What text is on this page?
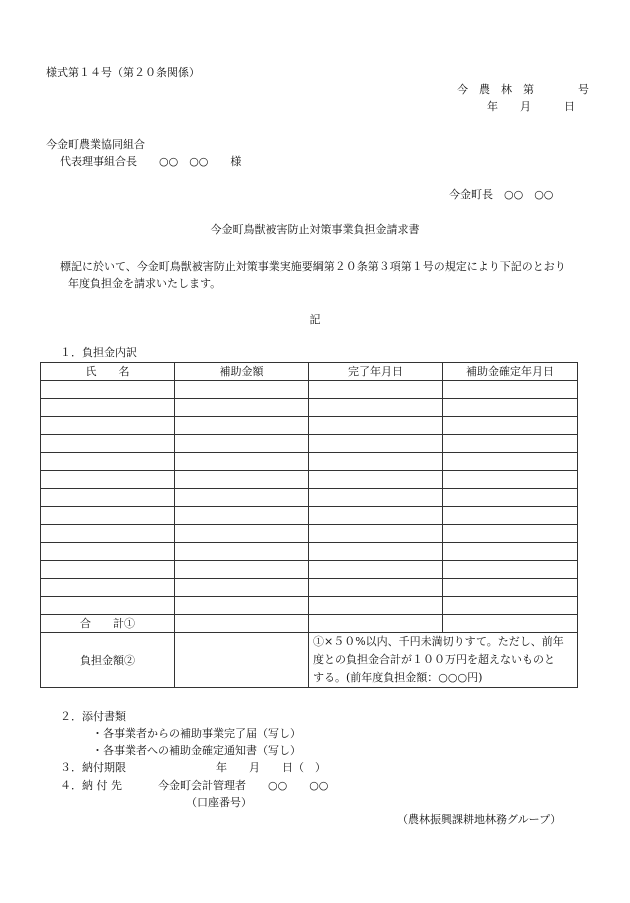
様式第１４号（第２０条関係）
今　農　林　第　　　　号
年　　月　　　日
今金町農業協同組合
代表理事組合長　　○○　○○　　様
今金町長　○○　○○
今金町鳥獣被害防止対策事業負担金請求書
標記に於いて、今金町鳥獣被害防止対策事業実施要綱第２０条第３項第１号の規定により下記のとおり
年度負担金を請求いたします。
記
１．負担金内訳
氏　　名	補助金額	完了年月日	補助金確定年月日

合　　計①			
負担金額②		①×５０%以内、千円未満切りすて。ただし、前年
度との負担金合計が１００万円を超えないものと
する。(前年度負担金額：○○○円)	
２．添付書類
・各事業者からの補助事業完了届（写し）
・各事業者への補助金確定通知書（写し）
３．納付期限	年　　月　　日（　）
４．納 付 先	今金町会計管理者　　○○　　○○
（口座番号）
（農林振興課耕地林務グループ）
